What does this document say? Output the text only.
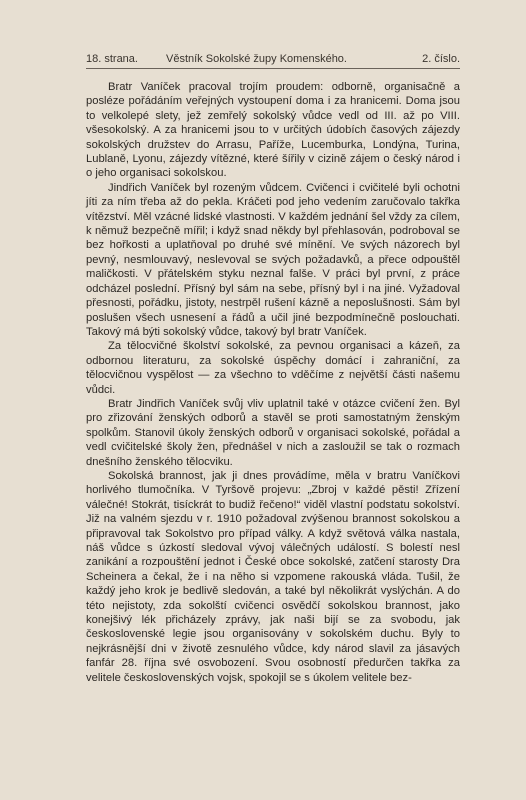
18. strana.	Věstník Sokolské župy Komenského.	2. číslo.

Bratr Vaníček pracoval trojím proudem: odborně, organisačně a posléze pořádáním veřejných vystoupení doma i za hranicemi. Doma jsou to velkolepé slety, jež zemřelý sokolský vůdce vedl od III. až po VIII. všesokolský. A za hranicemi jsou to v určitých údobích časových zájezdy sokolských družstev do Arrasu, Paříže, Lucemburka, Londýna, Turina, Lublaně, Lyonu, zájezdy vítězné, které šířily v cizině zájem o český národ i o jeho organisaci sokolskou.

Jindřich Vaníček byl rozeným vůdcem. Cvičenci i cvičitelé byli ochotni jíti za ním třeba až do pekla. Kráčeti pod jeho vedením zaručovalo takřka vítězství. Měl vzácné lidské vlastnosti. V každém jednání šel vždy za cílem, k němuž bezpečně mířil; i když snad někdy byl přehlasován, podroboval se bez hořkosti a uplatňoval po druhé své mínění. Ve svých názorech byl pevný, nesmlouvavý, neslevoval se svých požadavků, a přece odpouštěl maličkosti. V přátelském styku neznal falše. V práci byl první, z práce odcházel poslední. Přísný byl sám na sebe, přísný byl i na jiné. Vyžadoval přesnosti, pořádku, jistoty, nestrpěl rušení kázně a neposlušnosti. Sám byl poslušen všech usnesení a řádů a učil jiné bezpodmínečně poslouchati. Takový má býti sokolský vůdce, takový byl bratr Vaníček.

Za tělocvičné školství sokolské, za pevnou organisaci a kázeň, za odbornou literaturu, za sokolské úspěchy domácí i zahraniční, za tělocvičnou vyspělost — za všechno to vděčíme z největší části našemu vůdci.

Bratr Jindřich Vaníček svůj vliv uplatnil také v otázce cvičení žen. Byl pro zřizování ženských odborů a stavěl se proti samostatným ženským spolkům. Stanovil úkoly ženských odborů v organisaci sokolské, pořádal a vedl cvičitelské školy žen, přednášel v nich a zasloužil se tak o rozmach dnešního ženského tělocviku.

Sokolská brannost, jak ji dnes provádíme, měla v bratru Vaníčkovi horlivého tlumočníka. V Tyršově projevu: „Zbroj v každé pěsti! Zřízení válečné! Stokrát, tisíckrát to budiž řečeno!“ viděl vlastní podstatu sokolství. Již na valném sjezdu v r. 1910 požadoval zvýšenou brannost sokolskou a připravoval tak Sokolstvo pro případ války. A když světová válka nastala, náš vůdce s úzkostí sledoval vývoj válečných událostí. S bolestí nesl zanikání a rozpouštění jednot i České obce sokolské, zatčení starosty Dra Scheinera a čekal, že i na něho si vzpomene rakouská vláda. Tušil, že každý jeho krok je bedlivě sledován, a také byl několikrát vyslýchán. A do této nejistoty, zda sokolští cvičenci osvědčí sokolskou brannost, jako konejšivý lék přicházely zprávy, jak naši bijí se za svobodu, jak československé legie jsou organisovány v sokolském duchu. Byly to nejkrásnější dni v životě zesnulého vůdce, kdy národ slavil za jásavých fanfár 28. října své osvobození. Svou osobností předurčen takřka za velitele československých vojsk, spokojil se s úkolem velitele bez-
